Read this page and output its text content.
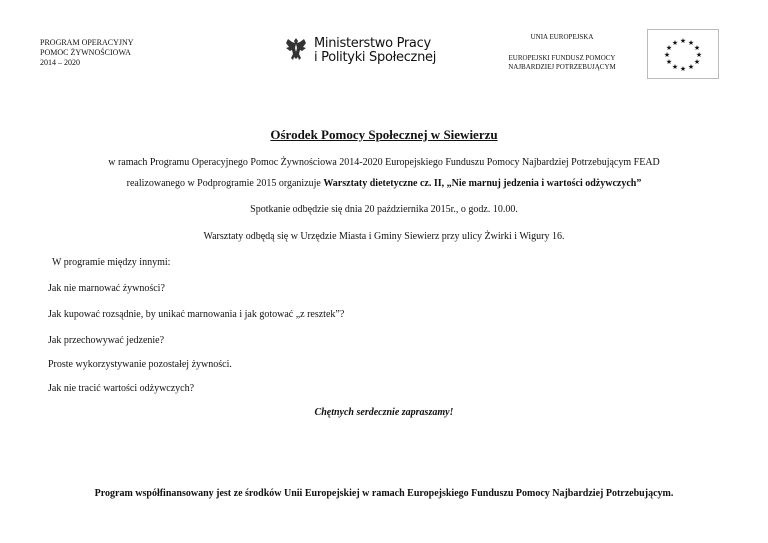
PROGRAM OPERACYJNY
POMOC ŻYWNOŚCIOWA
2014 – 2020
Ministerstwo Pracy
i Polityki Społecznej
UNIA EUROPEJSKA
EUROPEJSKI FUNDUSZ POMOCY
NAJBARDZIEJ POTRZEBUJĄCYM
★ ★
★
★
★
★
★
★
★
★
★
★
Ośrodek Pomocy Społecznej w Siewierzu
w ramach Programu Operacyjnego Pomoc Żywnościowa 2014-2020 Europejskiego Funduszu Pomocy Najbardziej Potrzebującym FEAD
realizowanego w Podprogramie 2015 organizuje Warsztaty dietetyczne cz. II, „Nie marnuj jedzenia i wartości odżywczych”
Spotkanie odbędzie się dnia 20 października 2015r., o godz. 10.00.
Warsztaty odbędą się w Urzędzie Miasta i Gminy Siewierz przy ulicy Żwirki i Wigury 16.
W programie między innymi:
Jak nie marnować żywności?
Jak kupować rozsądnie, by unikać marnowania i jak gotować „z resztek”?
Jak przechowywać jedzenie?
Proste wykorzystywanie pozostałej żywności.
Jak nie tracić wartości odżywczych?
Chętnych serdecznie zapraszamy!
Program współfinansowany jest ze środków Unii Europejskiej w ramach Europejskiego Funduszu Pomocy Najbardziej Potrzebującym.
